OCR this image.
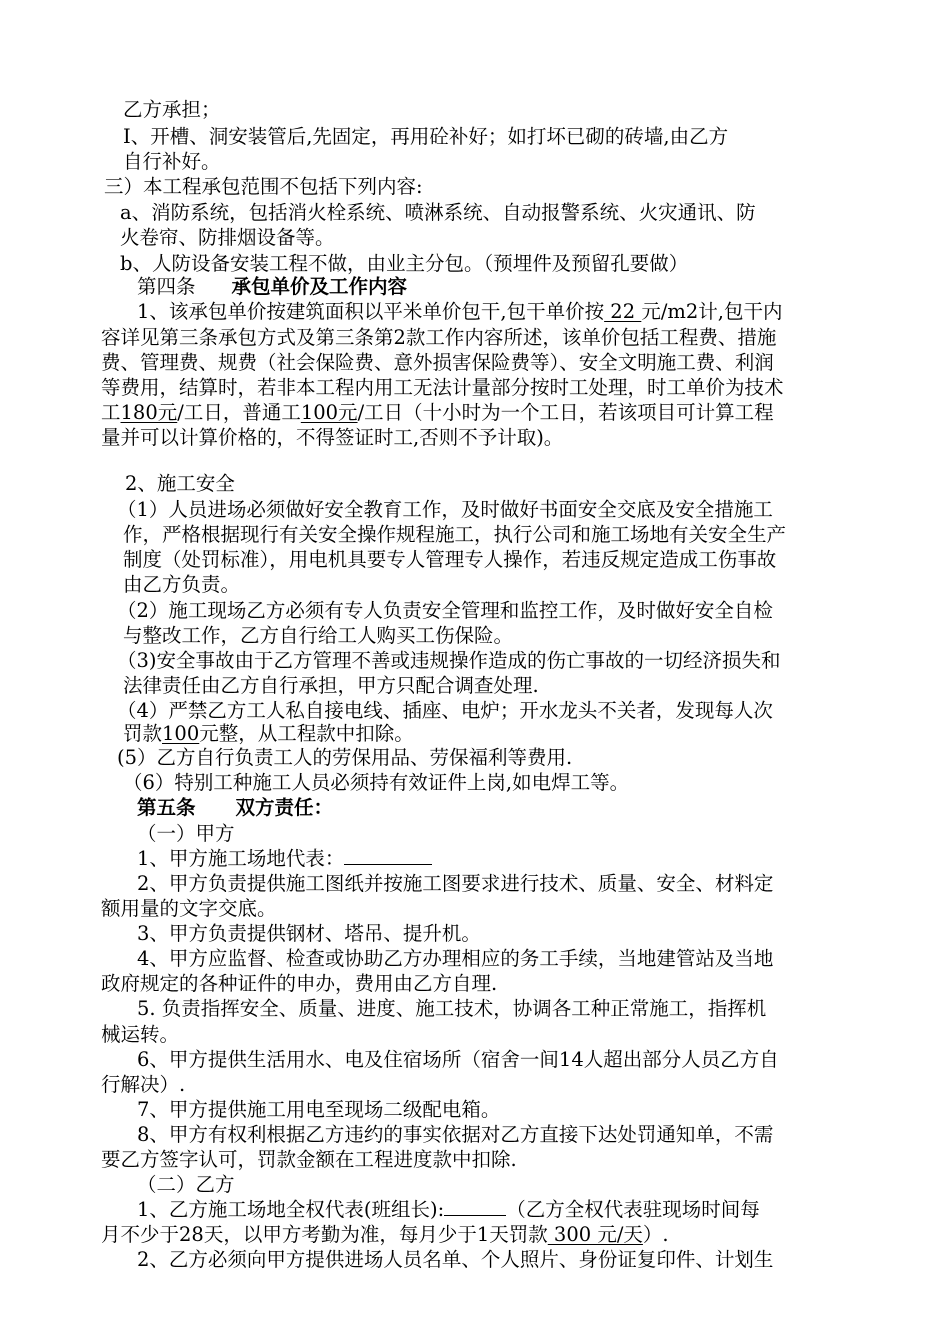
乙方承担；
I、开槽、洞安装管后,先固定，再用砼补好；如打坏已砌的砖墙,由乙方
自行补好。
三）本工程承包范围不包括下列内容:
a、消防系统，包括消火栓系统、喷淋系统、自动报警系统、火灾通讯、防
火卷帘、防排烟设备等。
b、人防设备安装工程不做，由业主分包。（预埋件及预留孔要做）
第四条 承包单价及工作内容
1、该承包单价按建筑面积以平米单价包干,包干单价按 22 元/m2计,包干内
容详见第三条承包方式及第三条第2款工作内容所述，该单价包括工程费、措施
费、管理费、规费（社会保险费、意外损害保险费等）、安全文明施工费、利润
等费用，结算时，若非本工程内用工无法计量部分按时工处理，时工单价为技术
工180元/工日，普通工100元/工日（十小时为一个工日，若该项目可计算工程
量并可以计算价格的，不得签证时工,否则不予计取)。
2、施工安全
（1）人员进场必须做好安全教育工作，及时做好书面安全交底及安全措施工
作，严格根据现行有关安全操作规程施工，执行公司和施工场地有关安全生产
制度（处罚标准），用电机具要专人管理专人操作，若违反规定造成工伤事故
由乙方负责。
（2）施工现场乙方必须有专人负责安全管理和监控工作，及时做好安全自检
与整改工作，乙方自行给工人购买工伤保险。
（3)安全事故由于乙方管理不善或违规操作造成的伤亡事故的一切经济损失和
法律责任由乙方自行承担，甲方只配合调查处理.
（4）严禁乙方工人私自接电线、插座、电炉；开水龙头不关者，发现每人次
罚款100元整，从工程款中扣除。
(5）乙方自行负责工人的劳保用品、劳保福利等费用.
（6）特别工种施工人员必须持有效证件上岗,如电焊工等。
第五条 双方责任：
（一）甲方
1、甲方施工场地代表：
2、甲方负责提供施工图纸并按施工图要求进行技术、质量、安全、材料定
额用量的文字交底。
3、甲方负责提供钢材、塔吊、提升机。
4、甲方应监督、检查或协助乙方办理相应的务工手续，当地建管站及当地
政府规定的各种证件的申办，费用由乙方自理.
5. 负责指挥安全、质量、进度、施工技术，协调各工种正常施工，指挥机
械运转。
6、甲方提供生活用水、电及住宿场所（宿舍一间14人超出部分人员乙方自
行解决）.
7、甲方提供施工用电至现场二级配电箱。
8、甲方有权利根据乙方违约的事实依据对乙方直接下达处罚通知单，不需
要乙方签字认可，罚款金额在工程进度款中扣除.
（二）乙方
1、乙方施工场地全权代表(班组长):	（乙方全权代表驻现场时间每
月不少于28天，以甲方考勤为准，每月少于1天罚款 300 元/天）.
2、乙方必须向甲方提供进场人员名单、个人照片、身份证复印件、计划生
